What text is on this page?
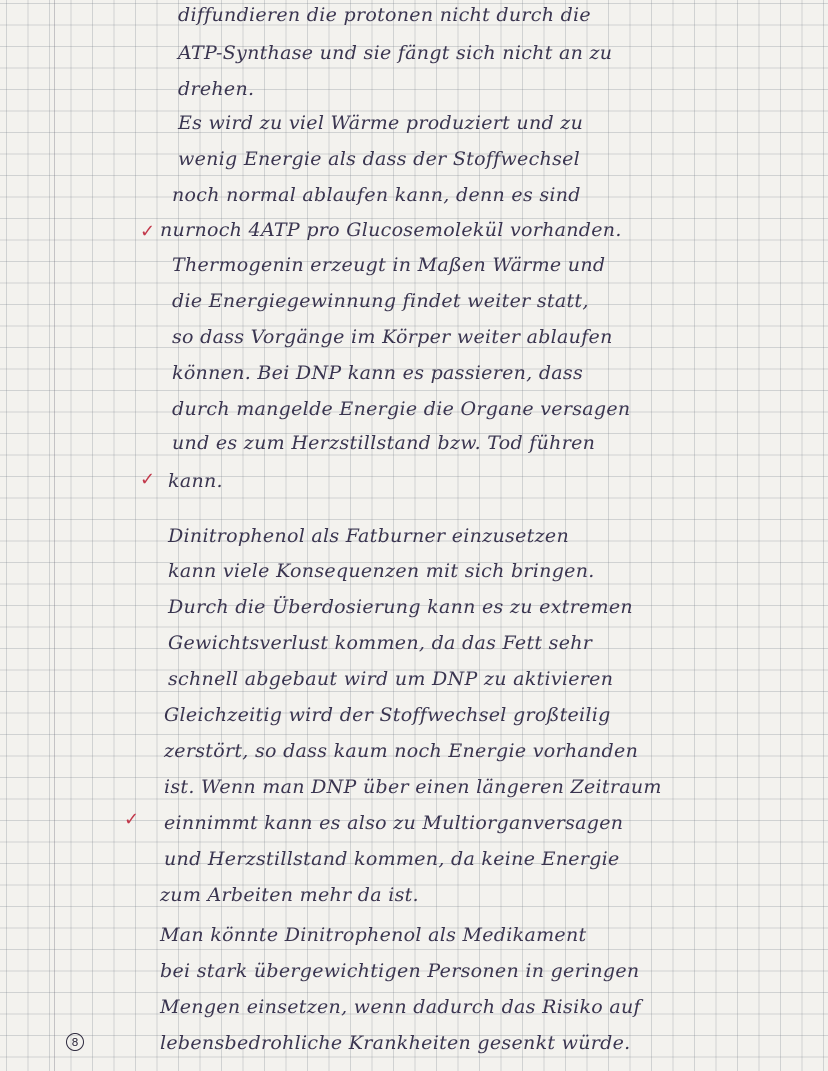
diffundieren die protonen nicht durch die
ATP-Synthase und sie fängt sich nicht an zu
drehen.
Es wird zu viel Wärme produziert und zu
wenig Energie als dass der Stoffwechsel
noch normal ablaufen kann, denn es sind
nurnoch 4ATP pro Glucosemolekül vorhanden.
Thermogenin erzeugt in Maßen Wärme und
die Energiegewinnung findet weiter statt,
so dass Vorgänge im Körper weiter ablaufen
können. Bei DNP kann es passieren, dass
durch mangelde Energie die Organe versagen
und es zum Herzstillstand bzw. Tod führen
kann.
Dinitrophenol als Fatburner einzusetzen
kann viele Konsequenzen mit sich bringen.
Durch die Überdosierung kann es zu extremen
Gewichtsverlust kommen, da das Fett sehr
schnell abgebaut wird um DNP zu aktivieren
Gleichzeitig wird der Stoffwechsel großteilig
zerstört, so dass kaum noch Energie vorhanden
ist. Wenn man DNP über einen längeren Zeitraum
einnimmt kann es also zu Multiorganversagen
und Herzstillstand kommen, da keine Energie
zum Arbeiten mehr da ist.
Man könnte Dinitrophenol als Medikament
bei stark übergewichtigen Personen in geringen
Mengen einsetzen, wenn dadurch das Risiko auf
lebensbedrohliche Krankheiten gesenkt würde.
✓
✓
✓
8
